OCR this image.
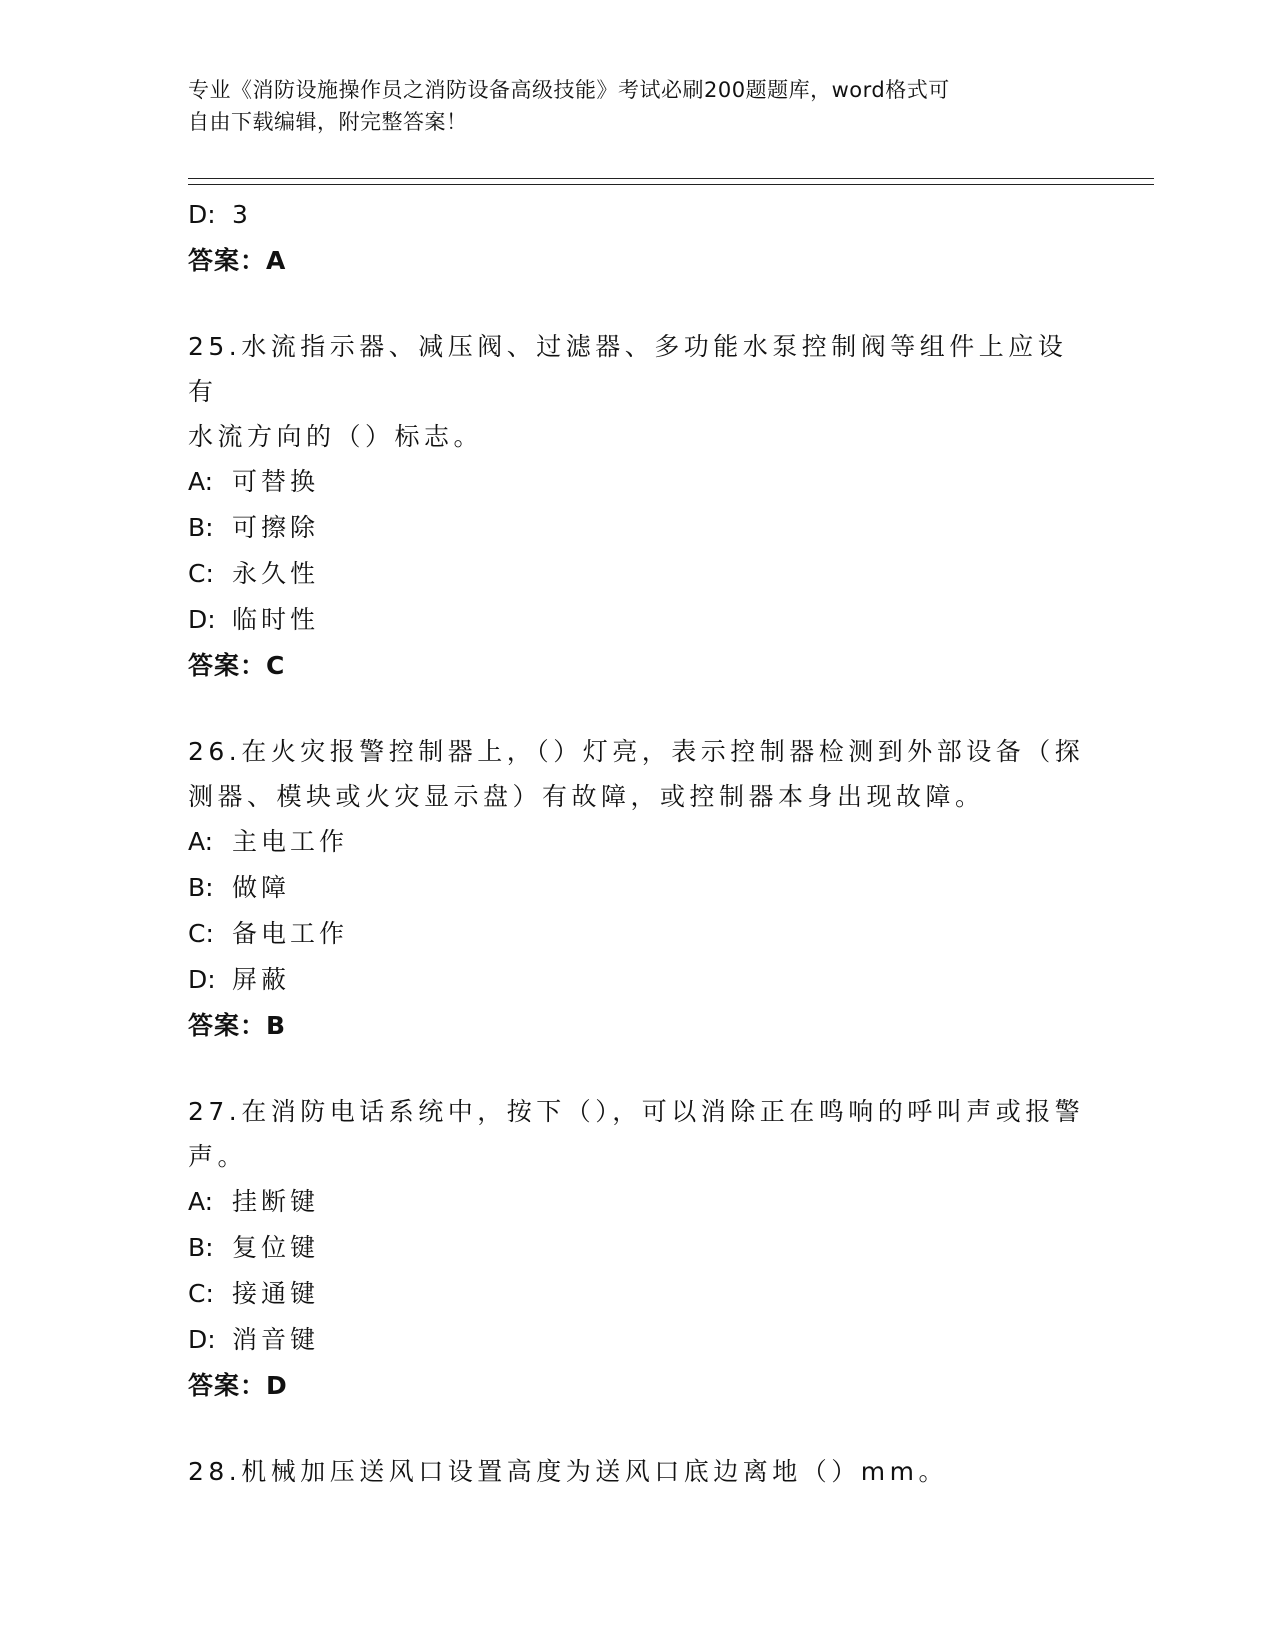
专业《消防设施操作员之消防设备高级技能》考试必刷200题题库，word格式可
自由下载编辑，附完整答案！
D: 3
答案：A
25.水流指示器、减压阀、过滤器、多功能水泵控制阀等组件上应设有
水流方向的（）标志。
A: 可替换
B: 可擦除
C: 永久性
D: 临时性
答案：C
26.在火灾报警控制器上，（）灯亮，表示控制器检测到外部设备（探
测器、模块或火灾显示盘）有故障，或控制器本身出现故障。
A: 主电工作
B: 做障
C: 备电工作
D: 屏蔽
答案：B
27.在消防电话系统中，按下（），可以消除正在鸣响的呼叫声或报警
声。
A: 挂断键
B: 复位键
C: 接通键
D: 消音键
答案：D
28.机械加压送风口设置高度为送风口底边离地（）mm。
